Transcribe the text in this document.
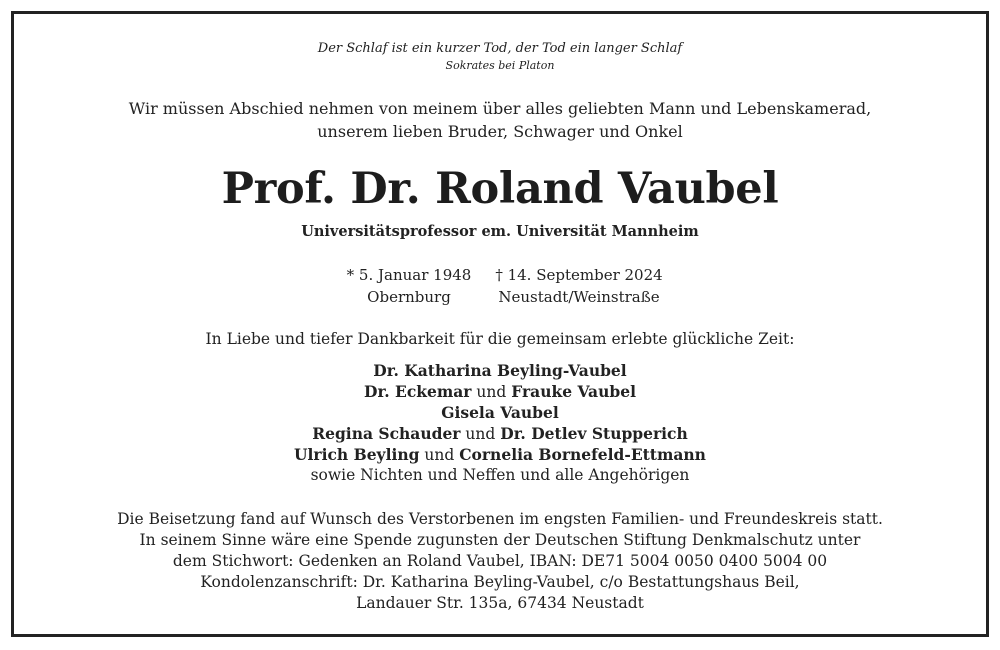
Der Schlaf ist ein kurzer Tod, der Tod ein langer Schlaf
Sokrates bei Platon
Wir müssen Abschied nehmen von meinem über alles geliebten Mann und Lebenskamerad,
unserem lieben Bruder, Schwager und Onkel
Prof. Dr. Roland Vaubel
Universitätsprofessor em. Universität Mannheim
* 5. Januar 1948
Obernburg
† 14. September 2024
Neustadt/Weinstraße
In Liebe und tiefer Dankbarkeit für die gemeinsam erlebte glückliche Zeit:
Dr. Katharina Beyling-Vaubel
Dr. Eckemar und Frauke Vaubel
Gisela Vaubel
Regina Schauder und Dr. Detlev Stupperich
Ulrich Beyling und Cornelia Bornefeld-Ettmann
sowie Nichten und Neffen und alle Angehörigen
Die Beisetzung fand auf Wunsch des Verstorbenen im engsten Familien- und Freundeskreis statt.
In seinem Sinne wäre eine Spende zugunsten der Deutschen Stiftung Denkmalschutz unter
dem Stichwort: Gedenken an Roland Vaubel, IBAN: DE71 5004 0050 0400 5004 00
Kondolenzanschrift: Dr. Katharina Beyling-Vaubel, c/o Bestattungshaus Beil,
Landauer Str. 135a, 67434 Neustadt
